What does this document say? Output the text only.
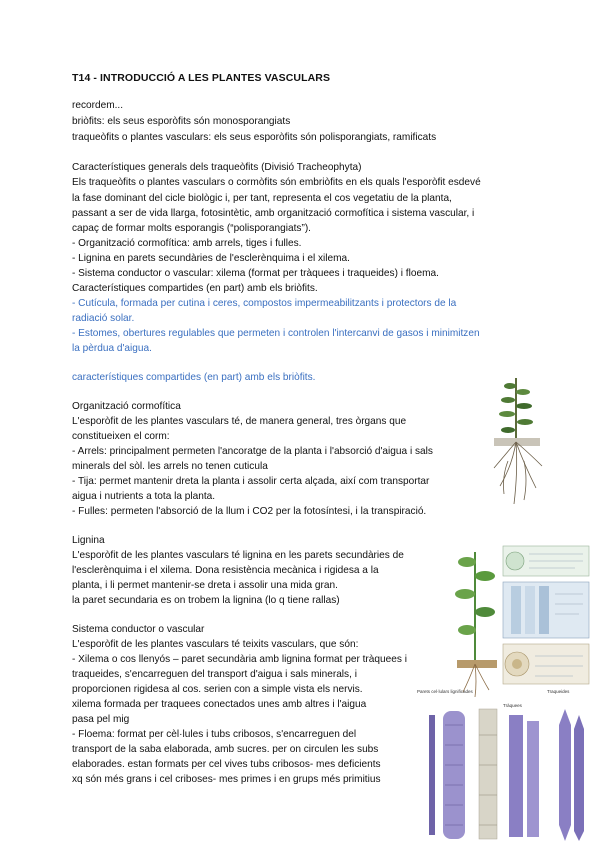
T14 - INTRODUCCIÓ A LES PLANTES VASCULARS
recordem...
briòfits: els seus esporòfits són monosporangiats
traqueòfits o plantes vasculars: els seus esporòfits són polisporangiats, ramificats
Característiques generals dels traqueòfits (Divisió Tracheophyta)
Els traqueòfits o plantes vasculars o cormòfits són embriòfits en els quals l'esporòfit esdevé
la fase dominant del cicle biològic i, per tant, representa el cos vegetatiu de la planta,
passant a ser de vida llarga, fotosintètic, amb organització cormofítica i sistema vascular, i
capaç de formar molts esporangis (“polisporangiats”).
- Organització cormofítica: amb arrels, tiges i fulles.
- Lignina en parets secundàries de l'esclerènquima i el xilema.
- Sistema conductor o vascular: xilema (format per tràquees i traqueides) i floema.
Característiques compartides (en part) amb els briòfits.
- Cutícula, formada per cutina i ceres, compostos impermeabilitzants i protectors de la
radiació solar.
- Estomes, obertures regulables que permeten i controlen l'intercanvi de gasos i minimitzen
la pèrdua d'aigua.
característiques compartides (en part) amb els briòfits.
Organització cormofítica
L'esporòfit de les plantes vasculars té, de manera general, tres òrgans que
constitueixen el corm:
- Arrels: principalment permeten l'ancoratge de la planta i l'absorció d'aigua i sals
minerals del sòl. les arrels no tenen cuticula
- Tija: permet mantenir dreta la planta i assolir certa alçada, així com transportar
aigua i nutrients a tota la planta.
- Fulles: permeten l'absorció de la llum i CO2 per la fotosíntesi, i la transpiració.
Lignina
L'esporòfit de les plantes vasculars té lignina en les parets secundàries de
l'esclerènquima i el xilema. Dona resistència mecànica i rigidesa a la
planta, i li permet mantenir-se dreta i assolir una mida gran.
la paret secundaria es on trobem la lignina (lo q tiene rallas)
Sistema conductor o vascular
L'esporòfit de les plantes vasculars té teixits vasculars, que són:
- Xilema o cos llenyós – paret secundària amb lignina format per tràquees i
traqueides, s'encarreguen del transport d'aigua i sals minerals, i
proporcionen rigidesa al cos. serien con a simple vista els nervis.
xilema formada per traquees conectados unes amb altres i l'aigua
pasa pel mig
- Floema: format per cèl·lules i tubs cribosos, s'encarreguen del
transport de la saba elaborada, amb sucres. per on circulen les subs
elaborades. estan formats per cel vives tubs cribosos- mes deficients
xq són més grans i cel criboses- mes primes i en grups més primitius
Parets cel·lulars lignificades
Tràquees
Traqueides
